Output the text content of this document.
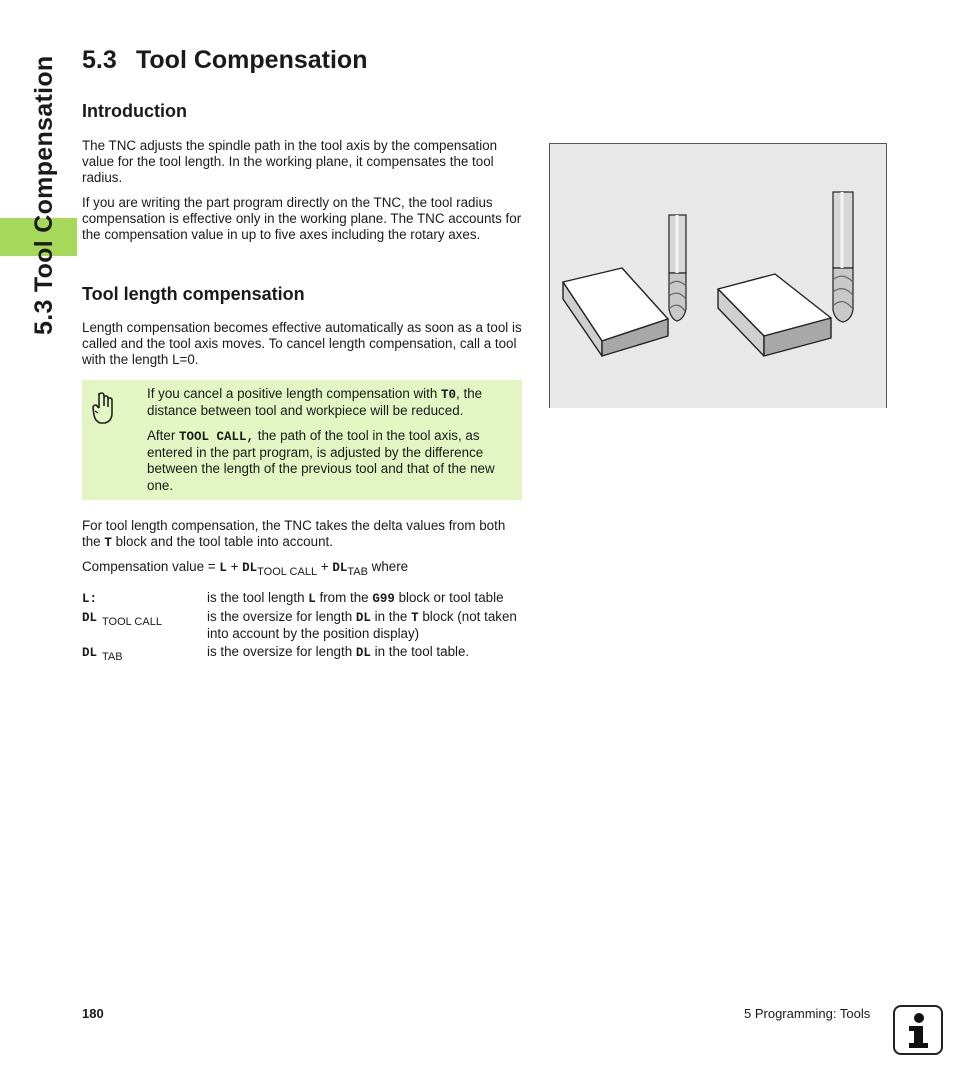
5.3 Tool Compensation 5.3 Tool Compensation
Introduction

The TNC adjusts the spindle path in the tool axis by the compensation value for the tool length. In the working plane, it compensates the tool radius.

If you are writing the part program directly on the TNC, the tool radius compensation is effective only in the working plane. The TNC accounts for the compensation value in up to five axes including the rotary axes.

Tool length compensation

Length compensation becomes effective automatically as soon as a tool is called and the tool axis moves. To cancel length compensation, call a tool with the length L=0.

If you cancel a positive length compensation with T0, the distance between tool and workpiece will be reduced.

After TOOL CALL, the path of the tool in the tool axis, as entered in the part program, is adjusted by the difference between the length of the previous tool and that of the new one.

For tool length compensation, the TNC takes the delta values from both the T block and the tool table into account.

Compensation value = $L + DL_{TOOL CALL} + DL_{TAB}$ where
L:	is the tool length L from the G99 block or tool table

DL $_{TOOL CALL}$	is the oversize for length DL in the T block (not taken into account by the position display)

DL $_{TAB}$	is the oversize for length DL in the tool table.

180	5 Programming: Tools
